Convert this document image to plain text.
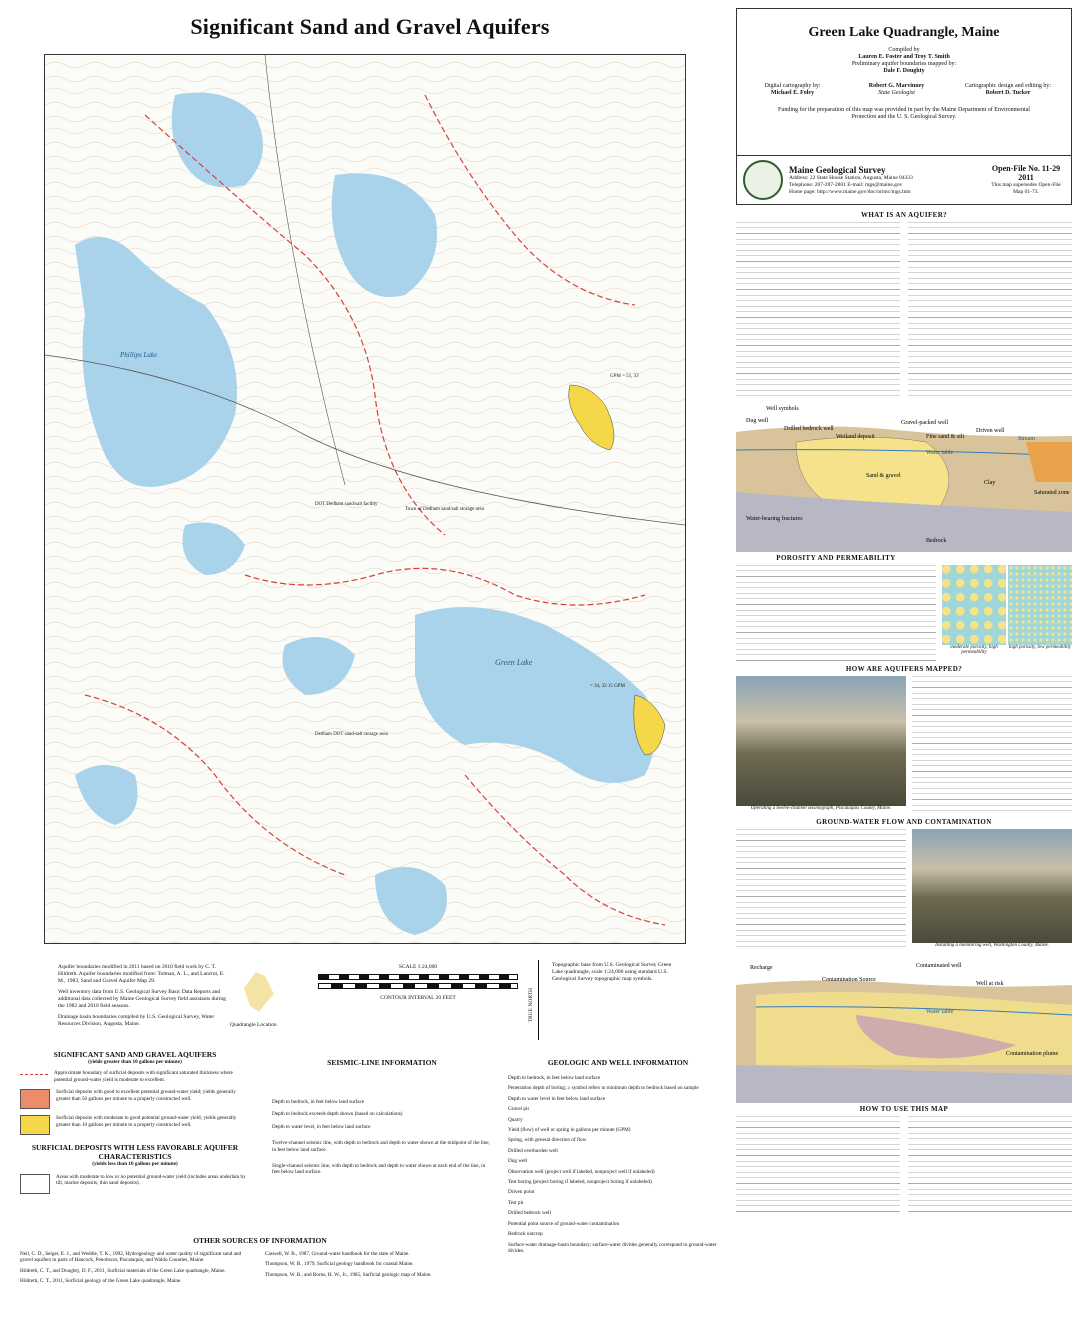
Significant Sand and Gravel Aquifers
Phillips Lake
Green Lake
DOT Dedham sand/salt facility
Town of Dedham sand/salt storage area
Dedham DOT sand-salt storage area
GPM = 51, 33
= 34, 32 15 GPM
Aquifer boundaries modified in 2011 based on 2010 field work by C. T. Hildreth. Aquifer boundaries modified from: Tolman, A. L., and Lanctot, E. M., 1983, Sand and Gravel Aquifer Map 29.
Well inventory data from U.S. Geological Survey Basic Data Reports and additional data collected by Maine Geological Survey field assistants during the 1982 and 2010 field seasons.
Drainage basin boundaries compiled by U.S. Geological Survey, Water Resources Division, Augusta, Maine.	Quadrangle Location
SCALE 1:24,000
CONTOUR INTERVAL 20 FEET	TRUE NORTH
Topographic base from U.S. Geological Survey Green Lake quadrangle, scale 1:24,000 using standard U.S. Geological Survey topographic map symbols.
SIGNIFICANT SAND AND GRAVEL AQUIFERS
(yields greater than 10 gallons per minute)
Approximate boundary of surficial deposits with significant saturated thickness where potential ground-water yield is moderate to excellent.
Surficial deposits with good to excellent potential ground-water yield; yields generally greater than 50 gallons per minute to a properly constructed well.
Surficial deposits with moderate to good potential ground-water yield; yields generally greater than 10 gallons per minute to a properly constructed well.
SURFICIAL DEPOSITS WITH LESS FAVORABLE AQUIFER CHARACTERISTICS
(yields less than 10 gallons per minute)
Areas with moderate to low or no potential ground-water yield (includes areas underlain by till, marine deposits, thin sand deposits).
SEISMIC-LINE INFORMATION
Depth to bedrock, in feet below land surface
Depth to bedrock exceeds depth shown (based on calculations)
Depth to water level, in feet below land surface
Twelve-channel seismic line, with depth to bedrock and depth to water shown at the midpoint of the line, in feet below land surface.
Single-channel seismic line, with depth to bedrock and depth to water shown at each end of the line, in feet below land surface.
GEOLOGIC AND WELL INFORMATION
Depth to bedrock, in feet below land surface
Penetration depth of boring; ≥ symbol refers to minimum depth to bedrock based on sample
Depth to water level in feet below land surface
Gravel pit
Quarry
Yield (flow) of well or spring in gallons per minute (GPM)
Spring, with general direction of flow
Drilled overburden well
Dug well
Observation well (project well if labeled, nonproject well if unlabeled)
Test boring (project boring if labeled, nonproject boring if unlabeled)
Driven point
Test pit
Drilled bedrock well
Potential point source of ground-water contamination
Bedrock outcrop
Surface-water drainage-basin boundary; surface-water divides generally correspond to ground-water divides.
OTHER SOURCES OF INFORMATION
Neil, C. D., Seiger, E. J., and Weddle, T. K., 1992, Hydrogeology and water quality of significant sand and gravel aquifers in parts of Hancock, Penobscot, Piscataquis, and Waldo Counties, Maine.
Hildreth, C. T., and Doughty, D. F., 2011, Surficial materials of the Green Lake quadrangle, Maine.
Hildreth, C. T., 2011, Surficial geology of the Green Lake quadrangle, Maine.
Caswell, W. B., 1987, Ground-water handbook for the state of Maine.
Thompson, W. B., 1979, Surficial geology handbook for coastal Maine.
Thompson, W. B., and Borns, H. W., Jr., 1985, Surficial geologic map of Maine.
Green Lake Quadrangle, Maine
Compiled by
Lauren E. Foster and Troy T. Smith
Preliminary aquifer boundaries mapped by:
Dale F. Doughty
Digital cartography by:
Michael E. Foley
Robert G. Marvinney
State Geologist
Cartographic design and editing by:
Robert D. Tucker
Funding for the preparation of this map was provided in part by the Maine Department of Environmental Protection and the U. S. Geological Survey.
Maine Geological Survey
Address: 22 State House Station, Augusta, Maine 04333
Telephone: 207-287-2801 E-mail: mgs@maine.gov
Home page: http://www.maine.gov/doc/nrimc/mgs.htm
Open-File No. 11-29
2011
This map supersedes Open-File Map 01-73.
WHAT IS AN AQUIFER?
Well symbols
Dug well
Drilled bedrock well
Wetland deposit
Gravel-packed well
Fine sand & silt
Driven well
Stream
Water table
Sand & gravel
Clay
Saturated zone
Water-bearing fractures
Bedrock
POROSITY AND PERMEABILITY
moderate porosity, high permeability
high porosity, low permeability
HOW ARE AQUIFERS MAPPED?
Operating a twelve-channel seismograph, Piscataquis County, Maine.
GROUND-WATER FLOW AND CONTAMINATION
Installing a monitoring well, Washington County, Maine.
Recharge	Contaminated well
Well at risk
Contamination Source
Water table
Contamination plume
HOW TO USE THIS MAP
